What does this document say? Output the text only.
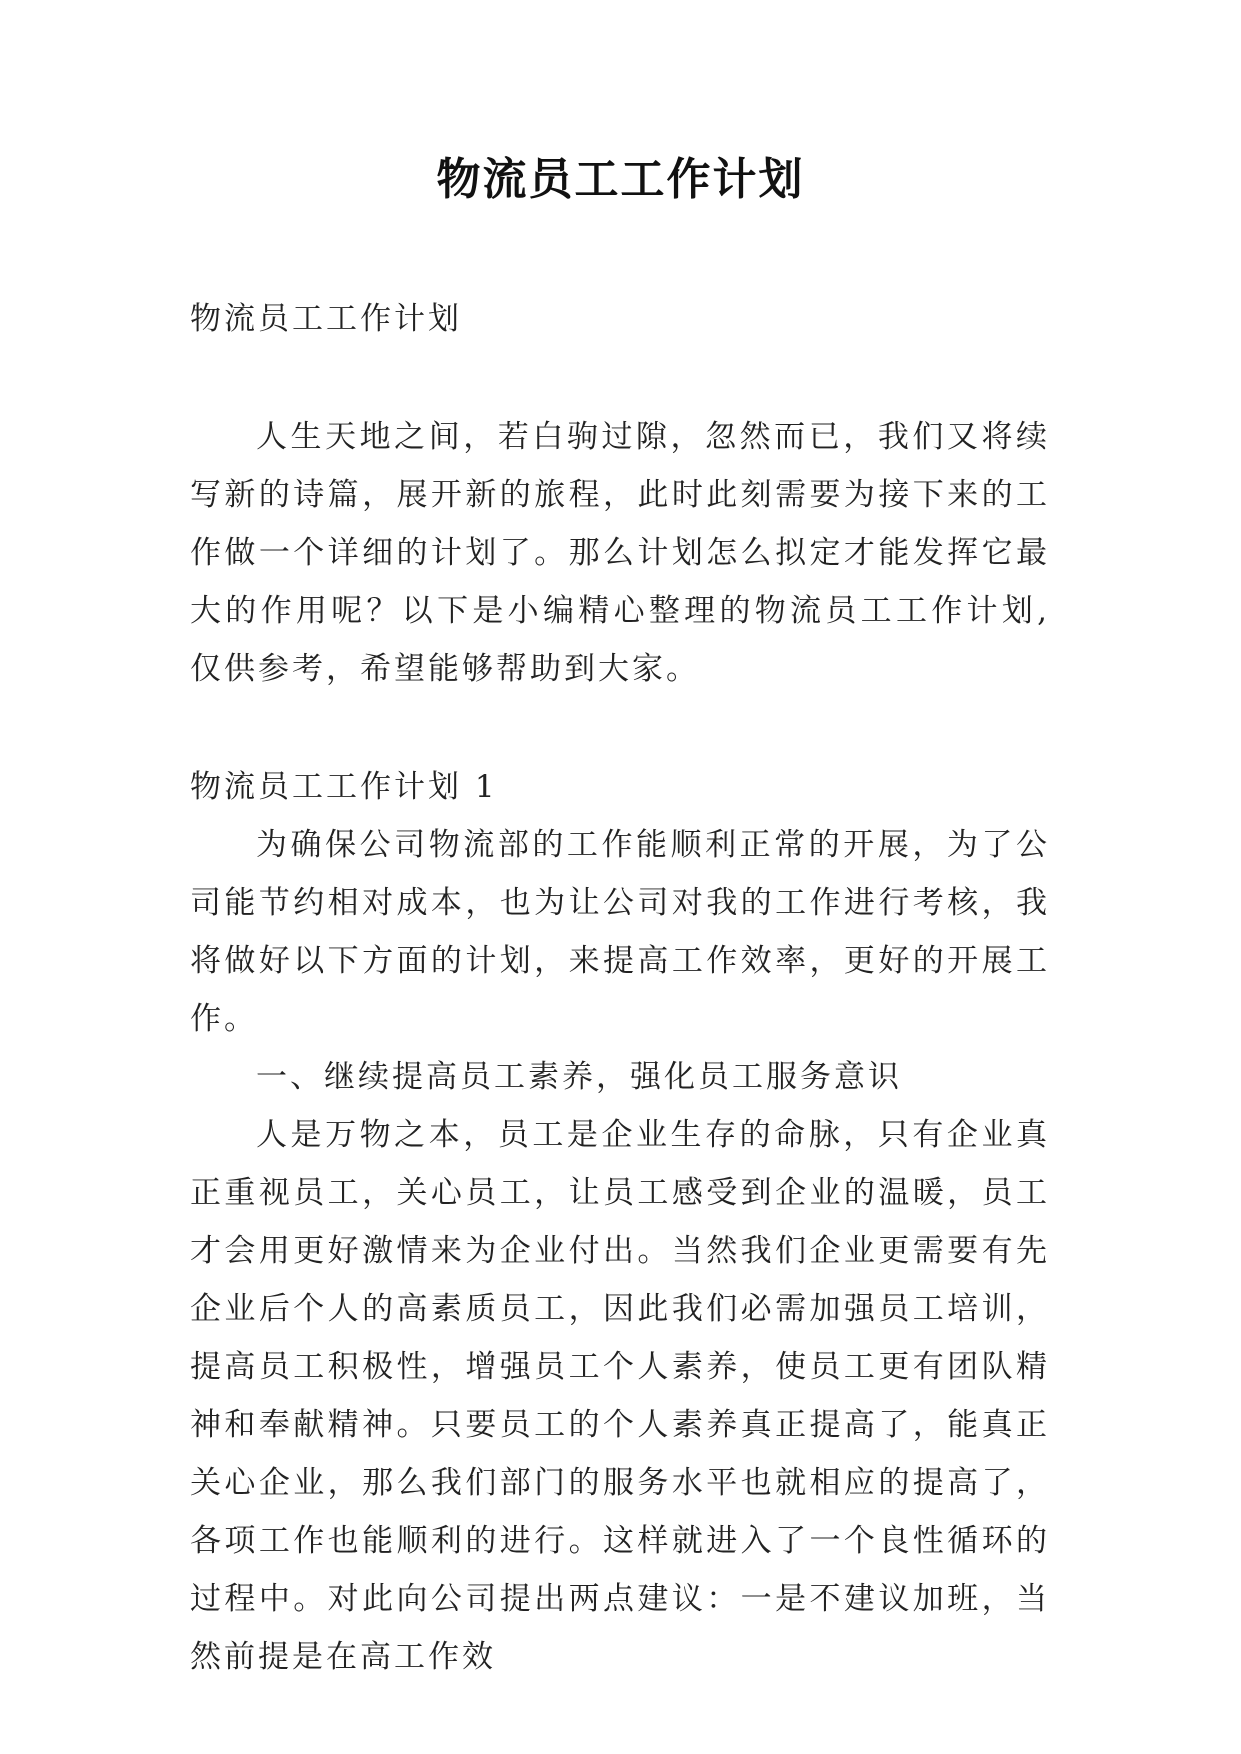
物流员工工作计划

物流员工工作计划

人生天地之间，若白驹过隙，忽然而已，我们又将续写新的诗篇，展开新的旅程，此时此刻需要为接下来的工作做一个详细的计划了。那么计划怎么拟定才能发挥它最大的作用呢？以下是小编精心整理的物流员工工作计划,仅供参考，希望能够帮助到大家。

物流员工工作计划 1

为确保公司物流部的工作能顺利正常的开展，为了公司能节约相对成本，也为让公司对我的工作进行考核，我将做好以下方面的计划，来提高工作效率，更好的开展工作。

一、继续提高员工素养，强化员工服务意识

人是万物之本，员工是企业生存的命脉，只有企业真正重视员工，关心员工，让员工感受到企业的温暖，员工才会用更好激情来为企业付出。当然我们企业更需要有先企业后个人的高素质员工，因此我们必需加强员工培训，提高员工积极性，增强员工个人素养，使员工更有团队精神和奉献精神。只要员工的个人素养真正提高了，能真正关心企业，那么我们部门的服务水平也就相应的提高了，各项工作也能顺利的进行。这样就进入了一个良性循环的过程中。对此向公司提出两点建议：一是不建议加班，当然前提是在高工作效
